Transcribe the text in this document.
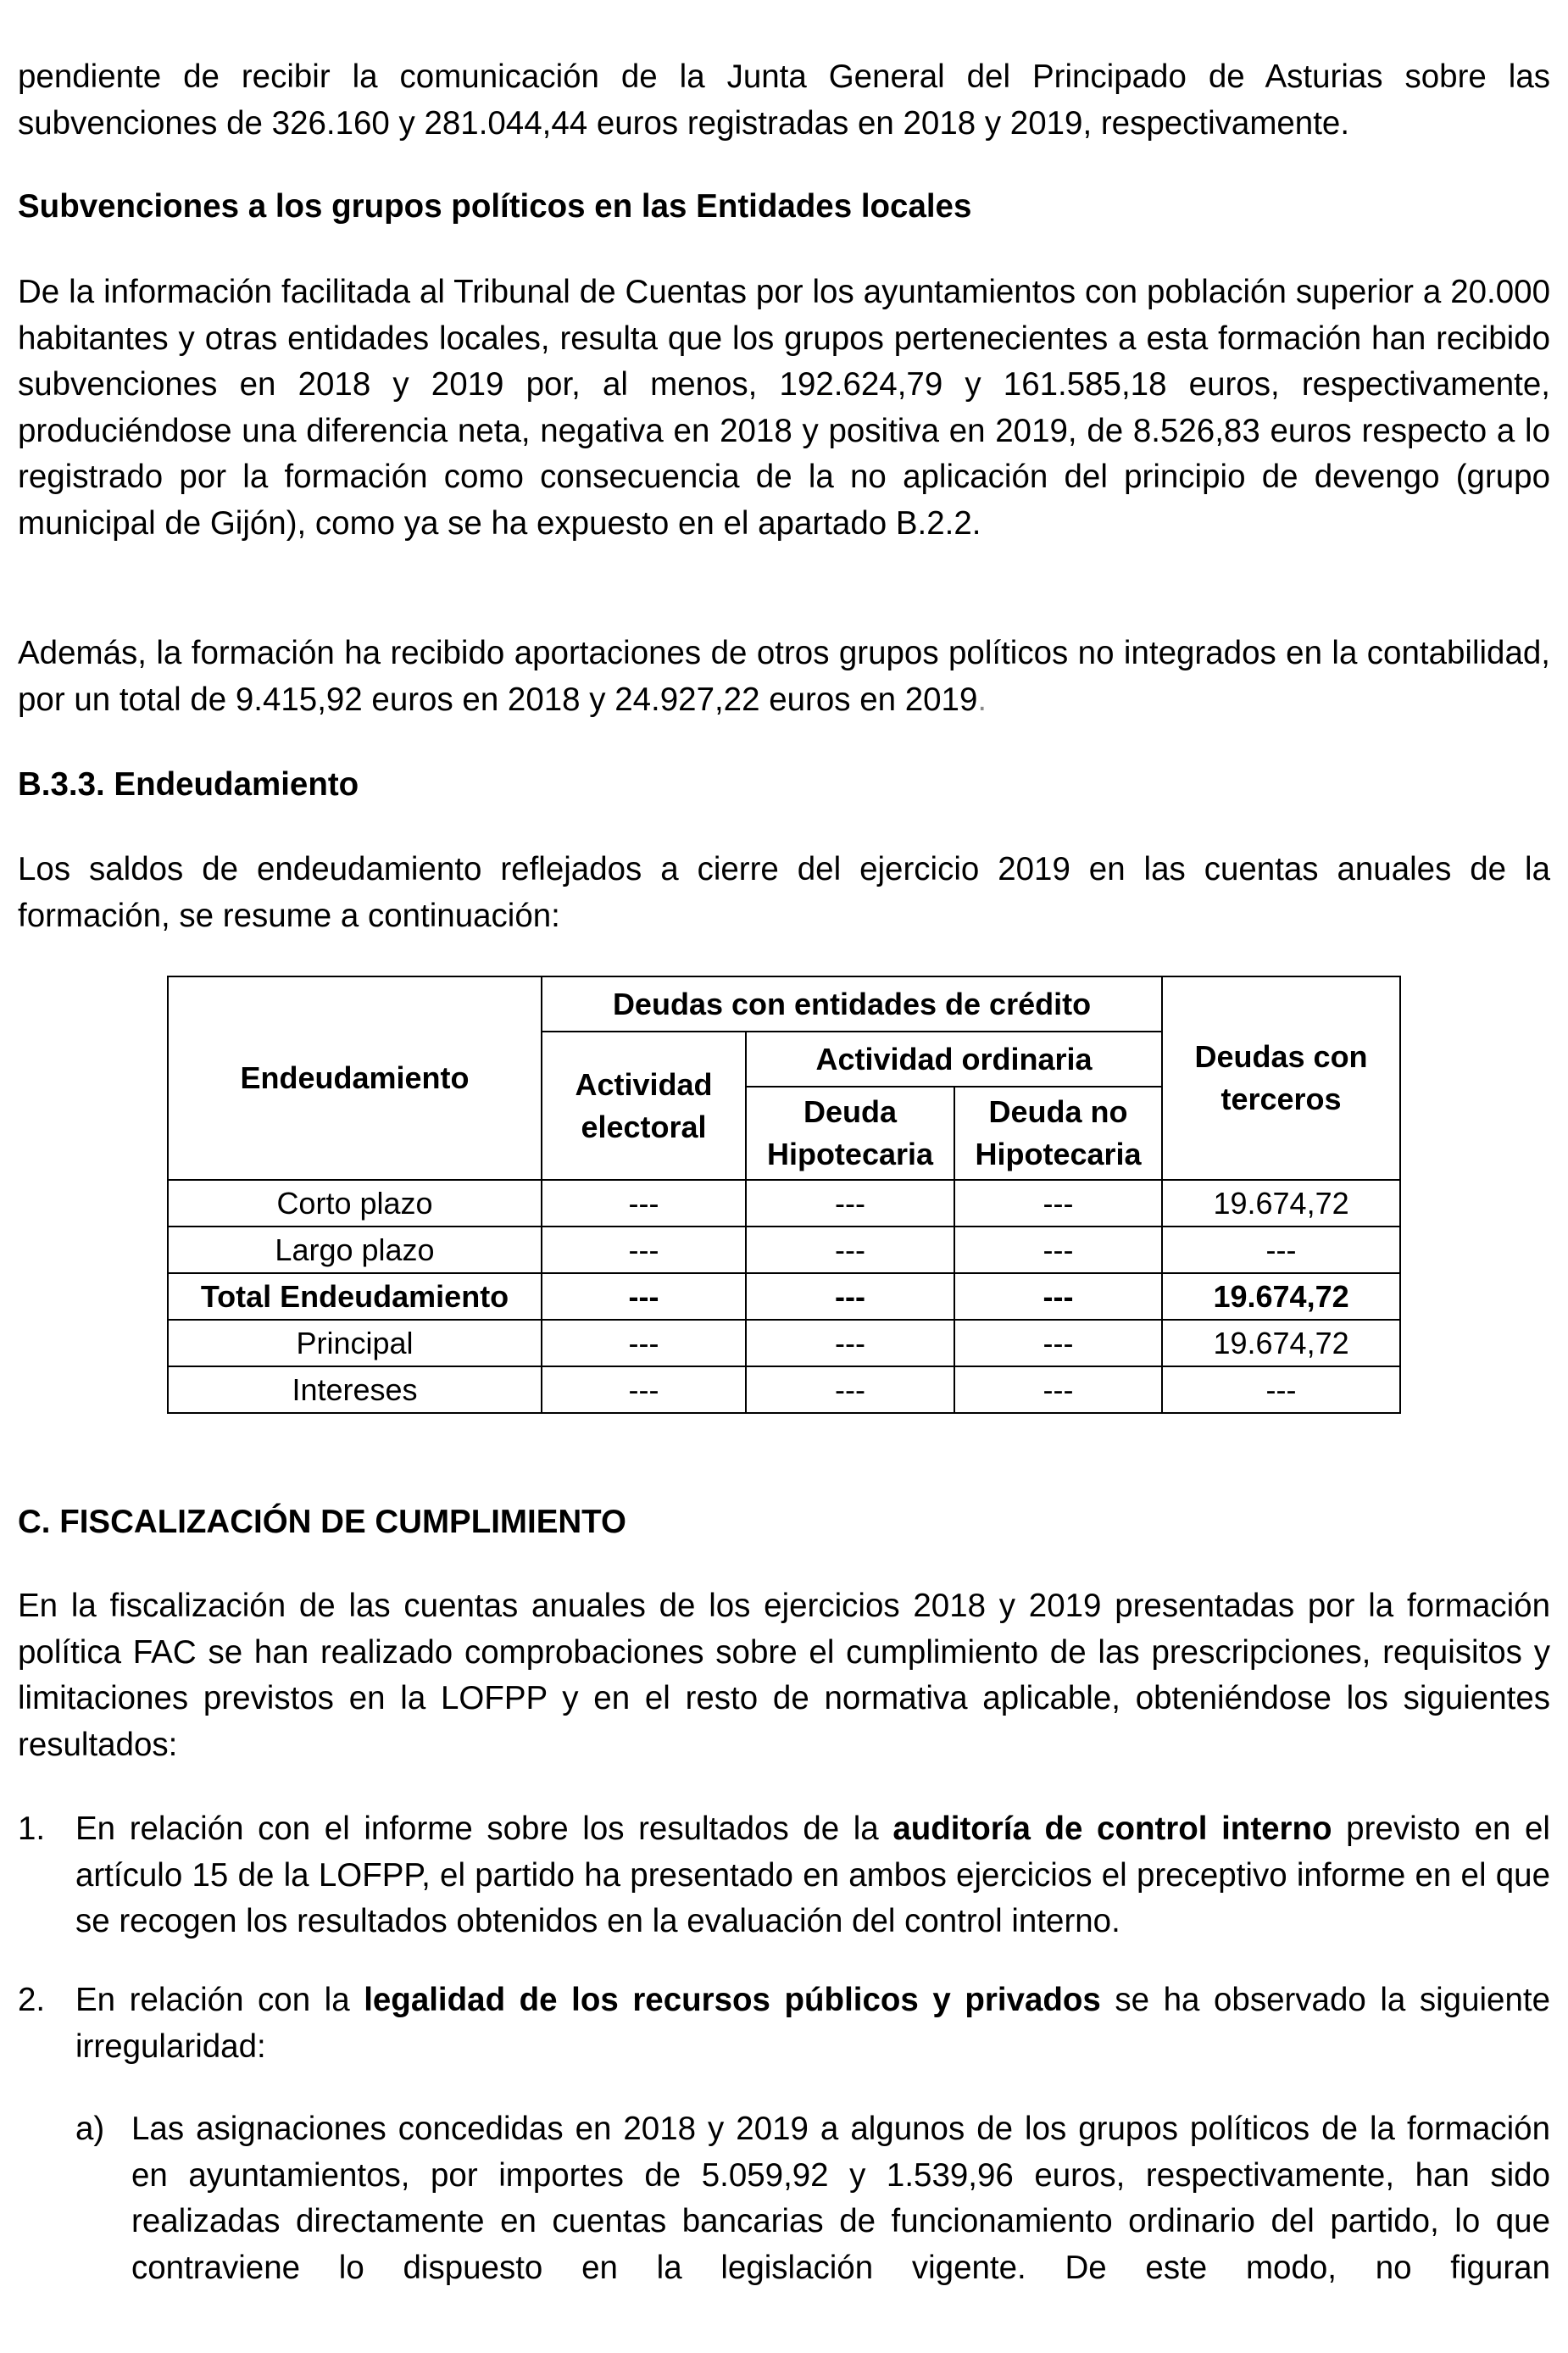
pendiente de recibir la comunicación de la Junta General del Principado de Asturias sobre las subvenciones de 326.160 y 281.044,44 euros registradas en 2018 y 2019, respectivamente.

Subvenciones a los grupos políticos en las Entidades locales

De la información facilitada al Tribunal de Cuentas por los ayuntamientos con población superior a 20.000 habitantes y otras entidades locales, resulta que los grupos pertenecientes a esta formación han recibido subvenciones en 2018 y 2019 por, al menos, 192.624,79 y 161.585,18 euros, respectivamente, produciéndose una diferencia neta, negativa en 2018 y positiva en 2019, de 8.526,83 euros respecto a lo registrado por la formación como consecuencia de la no aplicación del principio de devengo (grupo municipal de Gijón), como ya se ha expuesto en el apartado B.2.2.

Además, la formación ha recibido aportaciones de otros grupos políticos no integrados en la contabilidad, por un total de 9.415,92 euros en 2018 y 24.927,22 euros en 2019.

B.3.3. Endeudamiento

Los saldos de endeudamiento reflejados a cierre del ejercicio 2019 en las cuentas anuales de la formación, se resume a continuación:

Endeudamiento	Deudas con entidades de crédito			Deudas con terceros
	Actividad electoral	Actividad ordinaria		
		Deuda Hipotecaria	Deuda no Hipotecaria	
Corto plazo	---	---	---	19.674,72
Largo plazo	---	---	---	---
Total Endeudamiento	---	---	---	19.674,72
Principal	---	---	---	19.674,72
Intereses	---	---	---	---
C. FISCALIZACIÓN DE CUMPLIMIENTO

En la fiscalización de las cuentas anuales de los ejercicios 2018 y 2019 presentadas por la formación política FAC se han realizado comprobaciones sobre el cumplimiento de las prescripciones, requisitos y limitaciones previstos en la LOFPP y en el resto de normativa aplicable, obteniéndose los siguientes resultados:

1. En relación con el informe sobre los resultados de la auditoría de control interno previsto en el artículo 15 de la LOFPP, el partido ha presentado en ambos ejercicios el preceptivo informe en el que se recogen los resultados obtenidos en la evaluación del control interno.

2. En relación con la legalidad de los recursos públicos y privados se ha observado la siguiente irregularidad:

a) Las asignaciones concedidas en 2018 y 2019 a algunos de los grupos políticos de la formación en ayuntamientos, por importes de 5.059,92 y 1.539,96 euros, respectivamente, han sido realizadas directamente en cuentas bancarias de funcionamiento ordinario del partido, lo que contraviene lo dispuesto en la legislación vigente. De este modo, no figuran
